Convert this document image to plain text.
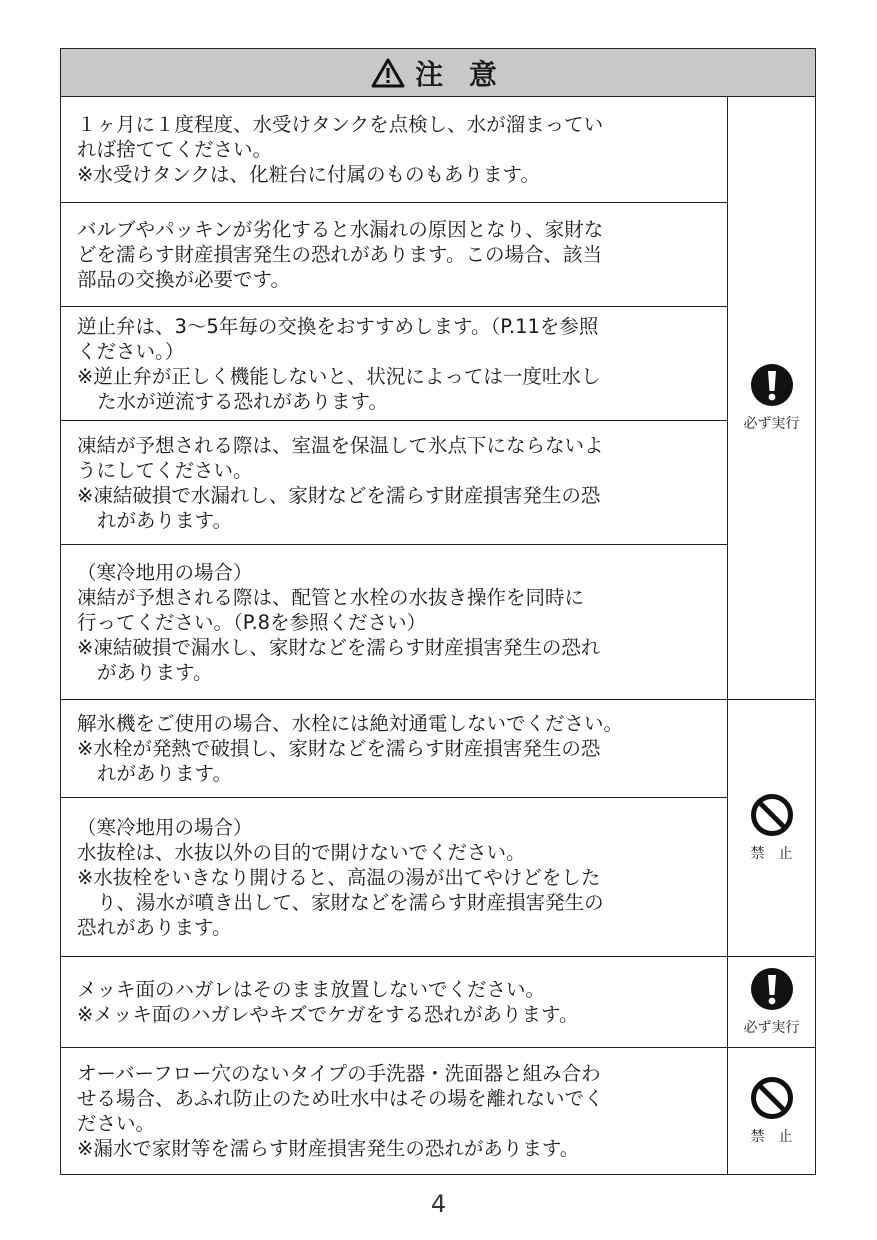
注 意
１ヶ月に１度程度、水受けタンクを点検し、水が溜まってい
れば捨ててください。
※水受けタンクは、化粧台に付属のものもあります。
バルブやパッキンが劣化すると水漏れの原因となり、家財な
どを濡らす財産損害発生の恐れがあります。この場合、該当
部品の交換が必要です。
逆止弁は、3〜5年毎の交換をおすすめします。（P.11を参照
ください。）
※逆止弁が正しく機能しないと、状況によっては一度吐水し
た水が逆流する恐れがあります。
凍結が予想される際は、室温を保温して氷点下にならないよ
うにしてください。
※凍結破損で水漏れし、家財などを濡らす財産損害発生の恐
れがあります。
（寒冷地用の場合）
凍結が予想される際は、配管と水栓の水抜き操作を同時に
行ってください。（P.8を参照ください）
※凍結破損で漏水し、家財などを濡らす財産損害発生の恐れ
があります。
必ず実行
解氷機をご使用の場合、水栓には絶対通電しないでください。
※水栓が発熱で破損し、家財などを濡らす財産損害発生の恐
れがあります。
（寒冷地用の場合）
水抜栓は、水抜以外の目的で開けないでください。
※水抜栓をいきなり開けると、高温の湯が出てやけどをした
り、湯水が噴き出して、家財などを濡らす財産損害発生の
恐れがあります。
禁　止
メッキ面のハガレはそのまま放置しないでください。
※メッキ面のハガレやキズでケガをする恐れがあります。
必ず実行
オーバーフロー穴のないタイプの手洗器・洗面器と組み合わ
せる場合、あふれ防止のため吐水中はその場を離れないでく
ださい。
※漏水で家財等を濡らす財産損害発生の恐れがあります。	禁　止
4
